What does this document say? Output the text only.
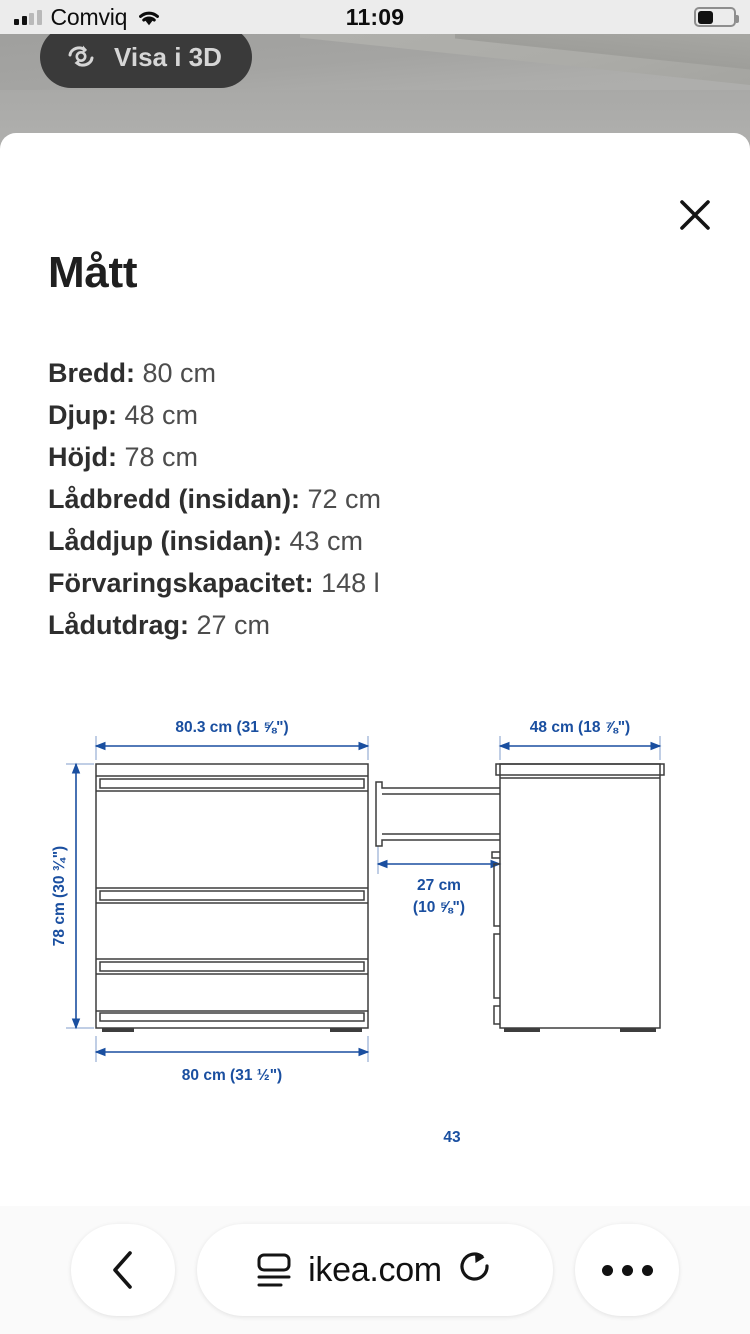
Visa i 3D
Comviq	11:09
Mått
Bredd: 80 cm
Djup: 48 cm
Höjd: 78 cm
Lådbredd (insidan): 72 cm
Låddjup (insidan): 43 cm
Förvaringskapacitet: 148 l
Lådutdrag: 27 cm
80.3 cm (31 ⅝")
78 cm (30 ¾")
80 cm (31 ½")
48 cm (18 ⅞")
27 cm
(10 ⅝")
43
ikea.com
